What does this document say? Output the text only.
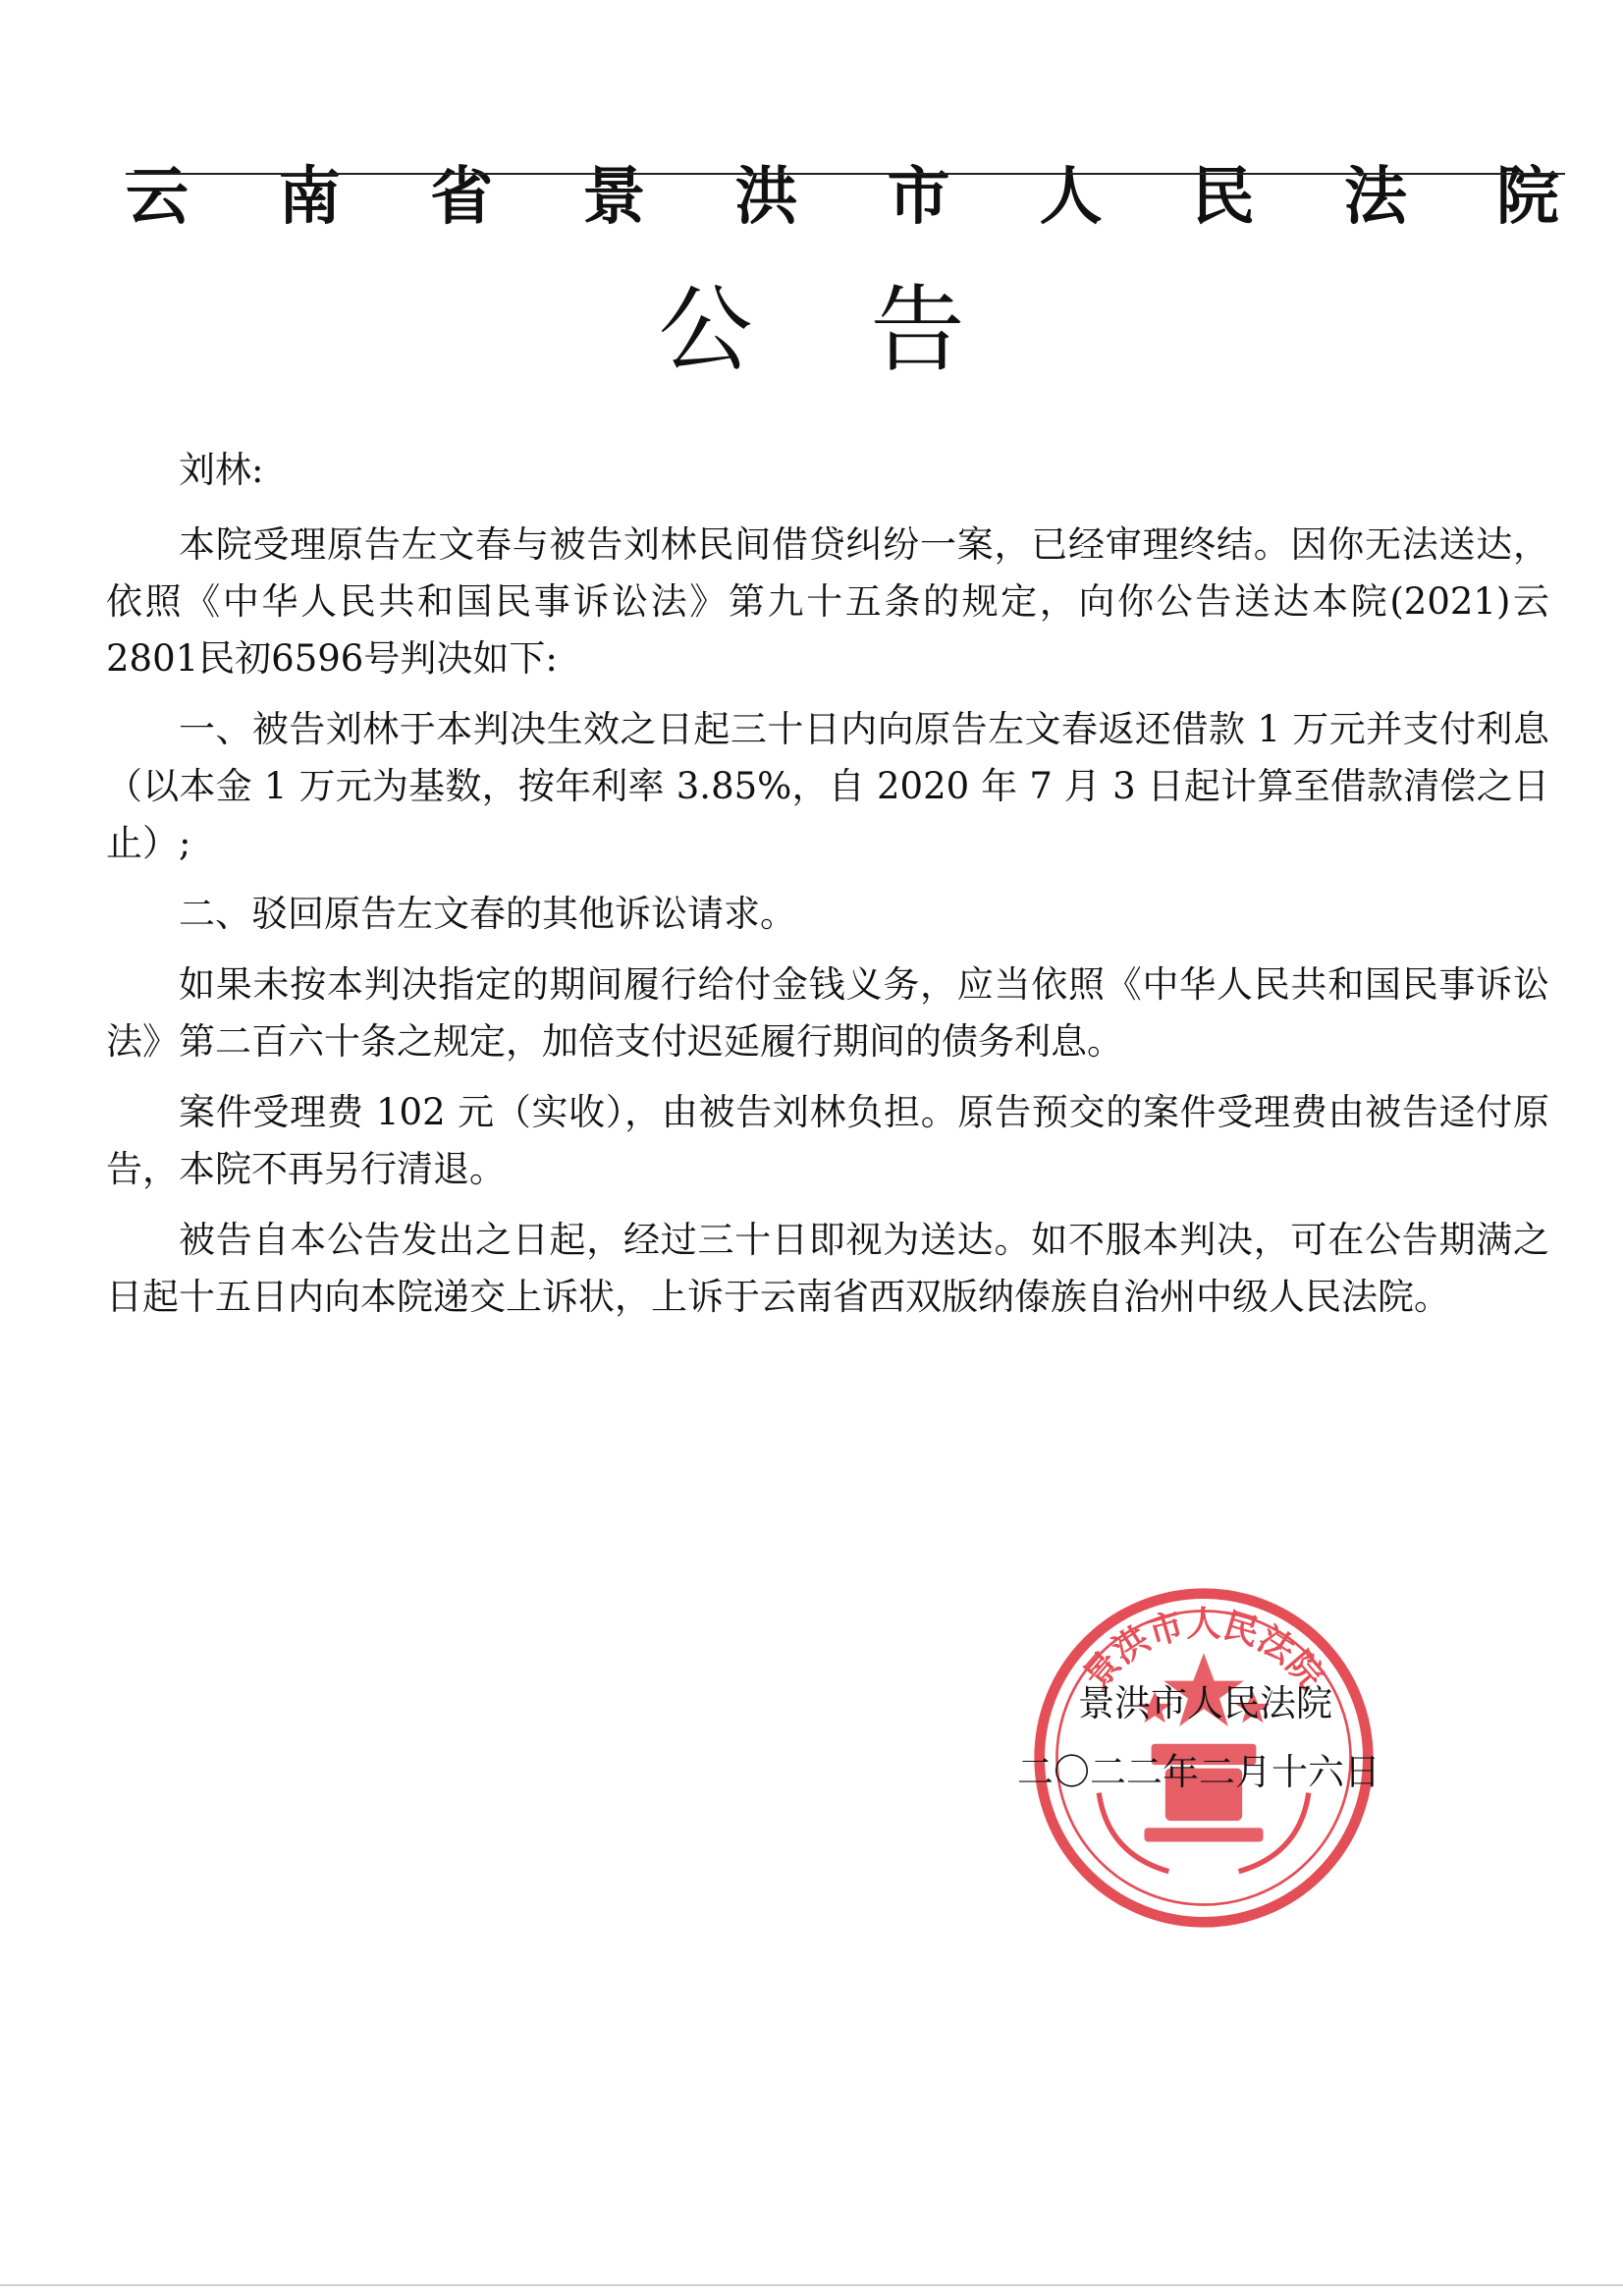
云 南 省 景 洪 市 人 民 法 院
公告

刘林:

本院受理原告左文春与被告刘林民间借贷纠纷一案，已经审理终结。因你无法送达，依照《中华人民共和国民事诉讼法》第九十五条的规定，向你公告送达本院(2021)云2801民初6596号判决如下:

一、被告刘林于本判决生效之日起三十日内向原告左文春返还借款 1 万元并支付利息（以本金 1 万元为基数，按年利率 3.85%，自 2020 年 7 月 3 日起计算至借款清偿之日止）;

二、驳回原告左文春的其他诉讼请求。

如果未按本判决指定的期间履行给付金钱义务，应当依照《中华人民共和国民事诉讼法》第二百六十条之规定，加倍支付迟延履行期间的债务利息。

案件受理费 102 元（实收），由被告刘林负担。原告预交的案件受理费由被告迳付原告，本院不再另行清退。

被告自本公告发出之日起，经过三十日即视为送达。如不服本判决，可在公告期满之日起十五日内向本院递交上诉状，上诉于云南省西双版纳傣族自治州中级人民法院。

景洪市人民法院
景洪市人民法院
二〇二二年二月十六日
